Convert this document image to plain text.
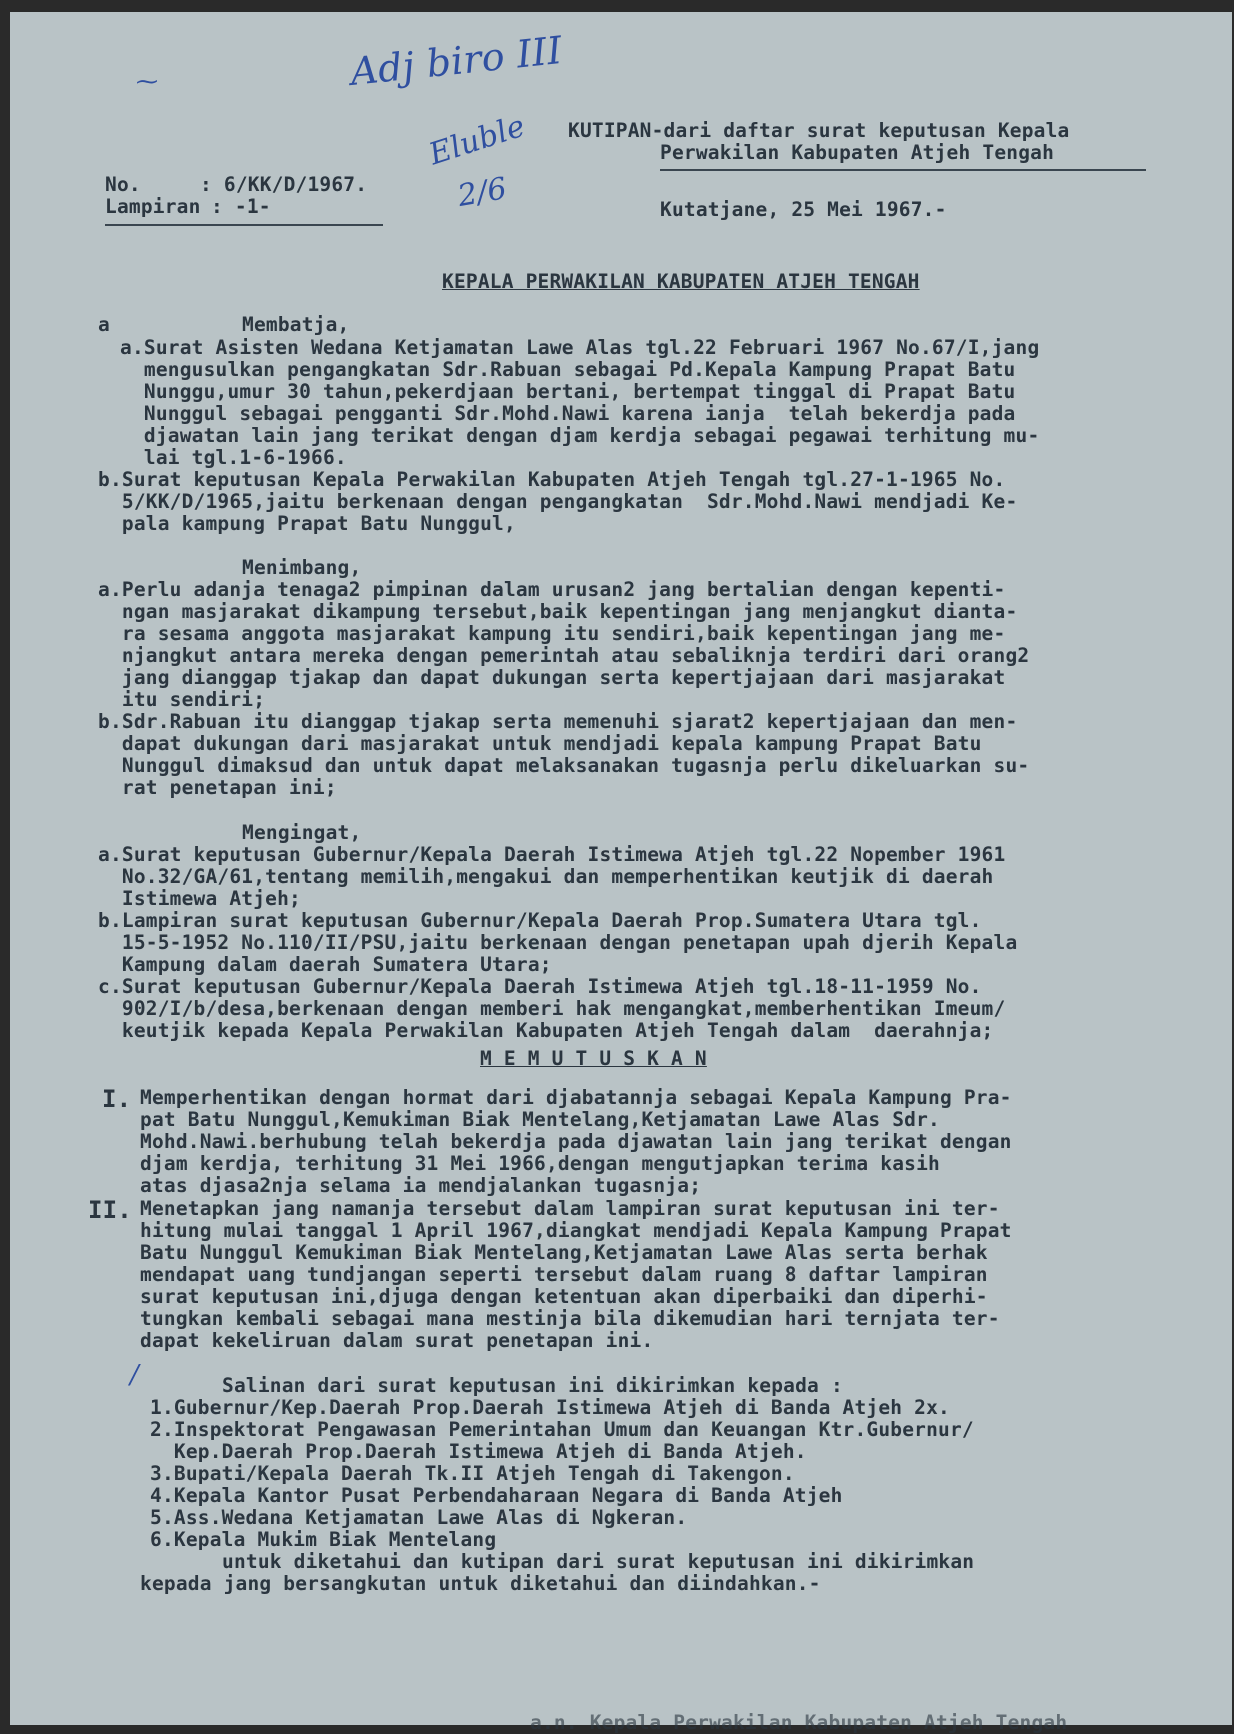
Adj biro III
Eluble
2/6
⁓
KUTIPAN-dari daftar surat keputusan Kepala
Perwakilan Kabupaten Atjeh Tengah
No.	: 6/KK/D/1967.
Lampiran : -1-	Kutatjane, 25 Mei 1967.-
KEPALA PERWAKILAN KABUPATEN ATJEH TENGAH
a	Membatja,
a.Surat Asisten Wedana Ketjamatan Lawe Alas tgl.22 Februari 1967 No.67/I,jang
mengusulkan pengangkatan Sdr.Rabuan sebagai Pd.Kepala Kampung Prapat Batu
Nunggu,umur 30 tahun,pekerdjaan bertani, bertempat tinggal di Prapat Batu
Nunggul sebagai pengganti Sdr.Mohd.Nawi karena ianja  telah bekerdja pada
djawatan lain jang terikat dengan djam kerdja sebagai pegawai terhitung mu-
lai tgl.1-6-1966.
b.Surat keputusan Kepala Perwakilan Kabupaten Atjeh Tengah tgl.27-1-1965 No.
5/KK/D/1965,jaitu berkenaan dengan pengangkatan  Sdr.Mohd.Nawi mendjadi Ke-
pala kampung Prapat Batu Nunggul,
Menimbang,
a.Perlu adanja tenaga2 pimpinan dalam urusan2 jang bertalian dengan kepenti-
ngan masjarakat dikampung tersebut,baik kepentingan jang menjangkut dianta-
ra sesama anggota masjarakat kampung itu sendiri,baik kepentingan jang me-
njangkut antara mereka dengan pemerintah atau sebaliknja terdiri dari orang2
jang dianggap tjakap dan dapat dukungan serta kepertjajaan dari masjarakat
itu sendiri;
b.Sdr.Rabuan itu dianggap tjakap serta memenuhi sjarat2 kepertjajaan dan men-
dapat dukungan dari masjarakat untuk mendjadi kepala kampung Prapat Batu
Nunggul dimaksud dan untuk dapat melaksanakan tugasnja perlu dikeluarkan su-
rat penetapan ini;
Mengingat,
a.Surat keputusan Gubernur/Kepala Daerah Istimewa Atjeh tgl.22 Nopember 1961
No.32/GA/61,tentang memilih,mengakui dan memperhentikan keutjik di daerah
Istimewa Atjeh;
b.Lampiran surat keputusan Gubernur/Kepala Daerah Prop.Sumatera Utara tgl.
15-5-1952 No.110/II/PSU,jaitu berkenaan dengan penetapan upah djerih Kepala
Kampung dalam daerah Sumatera Utara;
c.Surat keputusan Gubernur/Kepala Daerah Istimewa Atjeh tgl.18-11-1959 No.
902/I/b/desa,berkenaan dengan memberi hak mengangkat,memberhentikan Imeum/
keutjik kepada Kepala Perwakilan Kabupaten Atjeh Tengah dalam  daerahnja;
M E M U T U S K A N
I. Memperhentikan dengan hormat dari djabatannja sebagai Kepala Kampung Pra-
pat Batu Nunggul,Kemukiman Biak Mentelang,Ketjamatan Lawe Alas Sdr.
Mohd.Nawi.berhubung telah bekerdja pada djawatan lain jang terikat dengan
djam kerdja, terhitung 31 Mei 1966,dengan mengutjapkan terima kasih
atas djasa2nja selama ia mendjalankan tugasnja;
II. Menetapkan jang namanja tersebut dalam lampiran surat keputusan ini ter-
hitung mulai tanggal 1 April 1967,diangkat mendjadi Kepala Kampung Prapat
Batu Nunggul Kemukiman Biak Mentelang,Ketjamatan Lawe Alas serta berhak
mendapat uang tundjangan seperti tersebut dalam ruang 8 daftar lampiran
surat keputusan ini,djuga dengan ketentuan akan diperbaiki dan diperhi-
tungkan kembali sebagai mana mestinja bila dikemudian hari ternjata ter-
dapat kekeliruan dalam surat penetapan ini.
/	Salinan dari surat keputusan ini dikirimkan kepada :
1.Gubernur/Kep.Daerah Prop.Daerah Istimewa Atjeh di Banda Atjeh 2x.
2.Inspektorat Pengawasan Pemerintahan Umum dan Keuangan Ktr.Gubernur/
Kep.Daerah Prop.Daerah Istimewa Atjeh di Banda Atjeh.
3.Bupati/Kepala Daerah Tk.II Atjeh Tengah di Takengon.
4.Kepala Kantor Pusat Perbendaharaan Negara di Banda Atjeh
5.Ass.Wedana Ketjamatan Lawe Alas di Ngkeran.
6.Kepala Mukim Biak Mentelang
untuk diketahui dan kutipan dari surat keputusan ini dikirimkan
kepada jang bersangkutan untuk diketahui dan diindahkan.-
a.n. Kepala Perwakilan Kabupaten Atjeh Tengah
